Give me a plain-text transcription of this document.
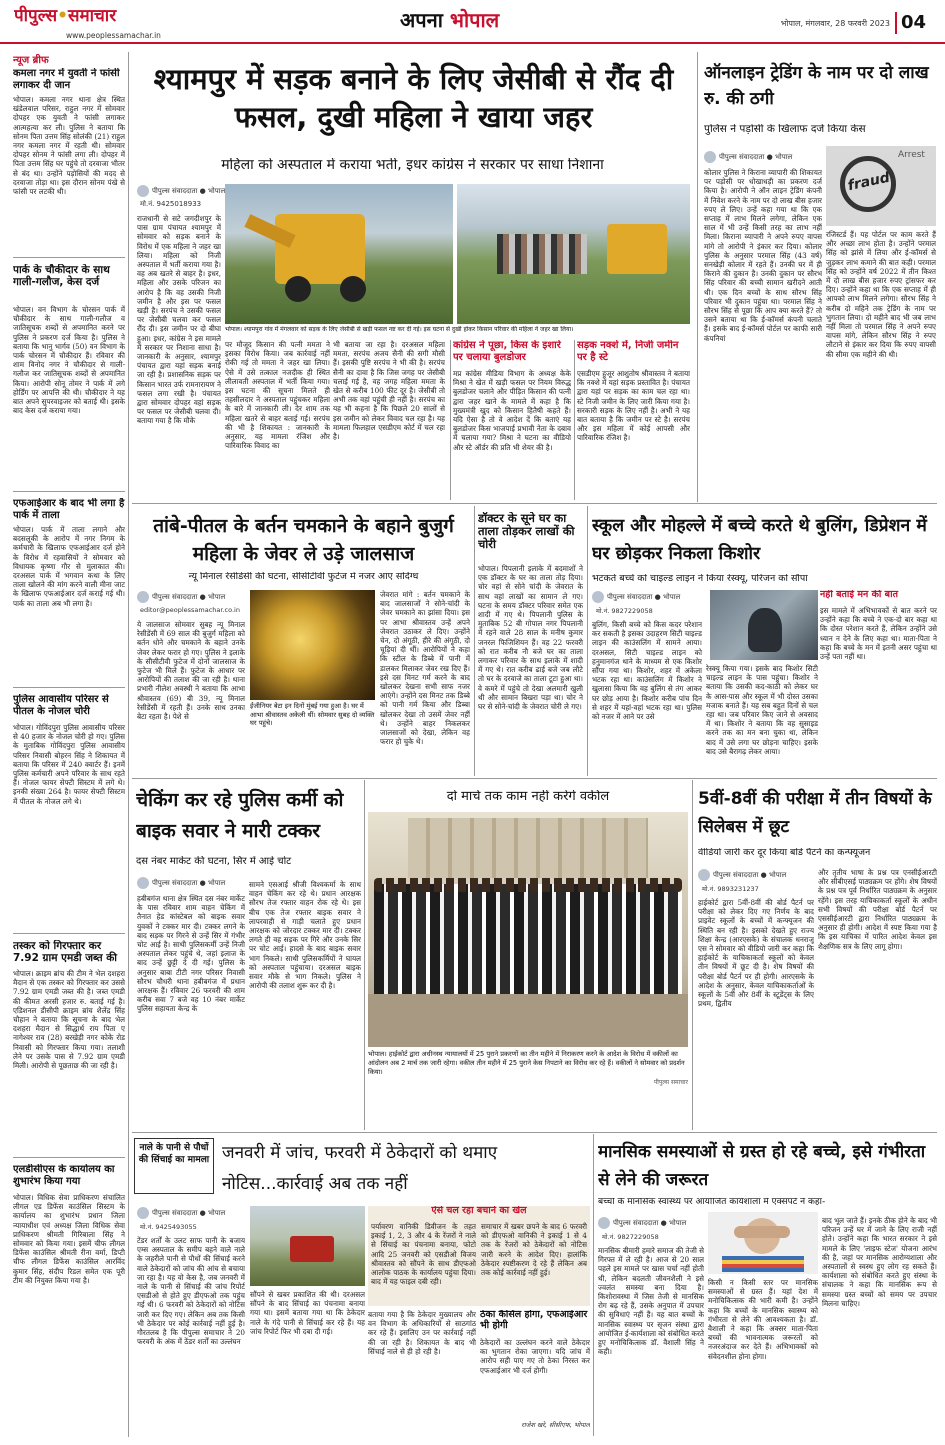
पीपुल्स•समाचार
www.peoplessamachar.in
अपना भोपाल	भोपाल, मंगलवार, 28 फरवरी 2023 04
न्यूज ब्रीफ
कमला नगर में युवती ने फांसी लगाकर दी जान
भोपाल। कमला नगर थाना क्षेत्र स्थित खंडेलवाल परिसर, राहुल नगर में सोमवार दोपहर एक युवती ने फांसी लगाकर आत्महत्या कर ली। पुलिस ने बताया कि सोनम पिता उत्तम सिंह सोलंकी (21) राहुल नगर कमला नगर में रहती थी। सोमवार दोपहर सोनम ने फांसी लगा ली। दोपहर में पिता उत्तम सिंह घर पहुंचे तो दरवाजा भीतर से बंद था। उन्होंने पड़ोसियों की मदद से दरवाजा तोड़ा था। इस दौरान सोनम पंखे से फांसी पर लटकी थी।
पार्क के चौकीदार के साथ गाली-गलौज, केस दर्ज
भोपाल। वन विभाग के चोरसन पार्क में चौकीदार के साथ गाली-गलौज व जातिसूचक शब्दों से अपमानित करने पर पुलिस ने प्रकरण दर्ज किया है। पुलिस ने बताया कि भानु भार्गव (50) वन विभाग के पार्क चोरसन में चौकीदार हैं। रविवार की शाम विनोद नगर ने चौकीदार से गाली-गलौज कर जातिसूचक शब्दों से अपमानित किया। आरोपी सोनू तोमर ने पार्क में लगे होर्डिंग पर आपत्ति की थी। चौकीदार ने यह बात अपने सुपरवाइजर को बताई थी। इसके बाद केस दर्ज कराया गया।
एफआईआर के बाद भी लगा है पार्क में ताला
भोपाल। पार्क में ताला लगाने और बदसलूकी के आरोप में नगर निगम के कर्मचारी के खिलाफ एफआईआर दर्ज होने के विरोध में रहवासियों ने सोमवार को विधायक कृष्णा गौर से मुलाकात की। दरअसल पार्क में भगवान कथा के लिए ताला खोलने की मांग करने वाली मीना जाट के खिलाफ एफआईआर दर्ज कराई गई थी। पार्क का ताला अब भी लगा है।
पुलिस आवासीय परिसर से पीतल के नोजल चोरी
भोपाल। गोविंदपुरा पुलिस आवासीय परिसर से 40 हजार के नोजल चोरी हो गए। पुलिस के मुताबिक गोविंदपुरा पुलिस आवासीय परिसर निवासी बोहरन सिंह ने शिकायत में बताया कि परिसर में 240 क्वार्टर हैं। इनमें पुलिस कर्मचारी अपने परिवार के साथ रहते हैं। नोजल फायर सेफ्टी सिस्टम में लगे थे। इनकी संख्या 264 है। फायर सेफ्टी सिस्टम में पीतल के नोजल लगे थे।
तस्कर को गिरफ्तार कर 7.92 ग्राम एमडी जब्त की
भोपाल। क्राइम ब्रांच की टीम ने भेल दशहरा मैदान से एक तस्कर को गिरफ्तार कर उससे 7.92 ग्राम एमडी जब्त की है। जब्त एमडी की कीमत अरसी हजार रु. बताई गई है। एडिशनल डीसीपी क्राइम ब्रांच शैलेंद्र सिंह चौहान ने बताया कि सूचना के बाद भेल दशहरा मैदान से सिद्धार्थ राय पिता ए नागेश्वर राव (28) बरखेड़ी नगर कोके रोड निवासी को गिरफ्तार किया गया। तलाशी लेने पर उसके पास से 7.92 ग्राम एमडी मिली। आरोपी से पूछताछ की जा रही है।
एलडीसीएस के कार्यालय का शुभारंभ किया गया
भोपाल। विधिक सेवा प्राधिकरण संचालित लीगल एड डिफेंस काउंसिल सिस्टम के कार्यालय का शुभारंभ प्रधान जिला न्यायाधीश एवं अध्यक्ष जिला विधिक सेवा प्राधिकरण श्रीमती गिरिबाला सिंह ने सोमवार को किया गया। इसमें चीफ लीगल डिफेंस काउंसिल श्रीमती रीना वर्मा, डिप्टी चीफ लीगल डिफेंस काउंसिल आरविंद कुमार सिंह, संदीप रिडल समेत एक पूरी टीम की नियुक्त किया गया है।
श्यामपुर में सड़क बनाने के लिए जेसीबी से रौंद दी फसल, दुखी महिला ने खाया जहर
महिला को अस्पताल में कराया भर्ती, इधर कांग्रेस ने सरकार पर साधा निशाना
पीपुल्स संवाददाता ● भोपाल
मो.नं. 9425018933
भोपाल। श्यामपुरा गांव में मंगलवार को सड़क के लिए जेसीबी से खड़ी फसल नष्ट कर दी गई। इस घटना से दुखी होकर किसान परिवार की महिला ने जहर खा लिया।
राजधानी से सटे जगदीशपुर के पास ग्राम पंचायत श्यामपुर में सोमवार को सड़क बनाने के विरोध में एक महिला ने जहर खा लिया। महिला को निजी अस्पताल में भर्ती कराया गया है। वह अब खतरे से बाहर है। इधर, महिला और उसके परिजन का आरोप है कि वह उसकी निजी जमीन है और इस पर फसल खड़ी है। सरपंच ने उसकी फसल पर जेसीबी चलवा कर फसल रौंद दी। इस जमीन पर दो बीघा हुआ। इधर, कांग्रेस ने इस मामले में सरकार पर निशाना साधा है। जानकारी के अनुसार, श्यामपुर पंचायत द्वारा यहां सड़क बनाई जा रही है। प्रशासनिक सड़क पर किसान भारत उर्फ रामनारायण ने फसल लगा रखी है। पंचायत द्वारा सोमवार दोपहर वहां सड़क पर फसल पर जेसीबी चलवा दी। बताया गया है कि मौके
पर मौजूद किसान की पत्नी ममता ने इसका विरोध किया। जब कार्रवाई नहीं रोकी गई तो ममता ने जहर खा लिया। ऐसे में उसे तत्काल नजदीक ही स्थित लीलावती अस्पताल में भर्ती किया गया। इस घटना की सूचना मिलते ही तहसीलदार ने अस्पताल पहुंचकर महिला के बारे में जानकारी ली। देर शाम तक महिला खतरे से बाहर बताई गई। सरपंच की भी है शिकायत : जानकारी के अनुसार, यह मामला रंजिश और पारिवारिक विवाद का
भी बताया जा रहा है। दरअसल महिला ममता, सरपंच अजय सैनी की सगी मौसी हैं। इसकी पुष्टि सरपंच ने भी की है। सरपंच सैनी का दावा है कि जिस जगह पर जेसीबी चलाई गई है, वह जगह महिला ममता के खेत से करीब 100 फीट दूर है। जेसीबी तो अभी तक वहां पहुंची ही नहीं है। सरपंच का यह भी कहना है कि पिछले 20 सालों से इस जमीन को लेकर विवाद चल रहा है। यह मामला फिलहाल एसडीएम कोर्ट में चल रहा है।
कांग्रेस ने पूछा, किस के इशारे पर चलाया बुलडोजर
मप्र कांग्रेस मीडिया विभाग के अध्यक्ष केके मिश्रा ने खेत में खड़ी फसल पर नियम विरुद्ध बुलडोजर चलाने और पीड़ित किसान की पत्नी द्वारा जहर खाने के मामले में कहा है कि मुख्यमंत्री खुद को किसान हितैषी कहते हैं। यदि ऐसा है तो वे आदेश दें कि बताएं यह बुलडोजर किस भाजपाई प्रभावी नेता के दबाव में चलाया गया? मिश्रा ने घटना का वीडियो और स्टे ऑर्डर की प्रति भी शेयर की है।
सड़क नक्शे में, निजी जमीन पर है स्टे
एसडीएम हुजूर आशुतोष श्रीवास्तव ने बताया कि नक्शे में यहां सड़क प्रस्तावित है। पंचायत द्वारा यहां पर सड़क का काम चल रहा था। स्टे निजी जमीन के लिए जारी किया गया है। सरकारी सड़क के लिए नहीं है। अभी ने यह बात बताया है कि जमीन पर स्टे है। सरपंच और इस महिला में कोई आपसी और पारिवारिक रंजिश है।
ऑनलाइन ट्रेडिंग के नाम पर दो लाख रु. की ठगी
पुलिस ने पड़ोसी के खिलाफ दर्ज किया केस
पीपुल्स संवाददाता ● भोपाल
fraud
Arrest
कोलार पुलिस ने किराना व्यापारी की शिकायत पर पड़ोसी पर धोखाधड़ी का प्रकरण दर्ज किया है। आरोपी ने ऑन लाइन ट्रेडिंग कंपनी में निवेश करने के नाम पर दो लाख बीस हजार रुपए ले लिए। उन्हें कहा गया था कि एक सप्ताह में लाभ मिलने लगेगा, लेकिन एक साल में भी उन्हें किसी तरह का लाभ नहीं मिला। किराना व्यापारी ने अपने रुपए वापस मांगे तो आरोपी ने इंकार कर दिया। कोलार पुलिस के अनुसार परमाल सिंह (43 वर्ष) सनखेड़ी कोलार में रहते हैं। उनकी घर में ही किराने की दुकान है। उनकी दुकान पर सौरभ सिंह परिवार की बच्ची सामान खरीदने आती थी। एक दिन बच्चों के साथ सौरभ सिंह परिवार भी दुकान पहुंचा था। परमाल सिंह ने सौरभ सिंह से पूछा कि आप क्या करते हैं? तो उसने बताया था कि ई-कॉमर्स कंपनी चलाते हैं। इसके बाद ई-कॉमर्स पोर्टल पर काफी सारी कंपनियां
रजिस्टर्ड हैं। यह पोर्टल पर काम करते हैं और अच्छा लाभ होता है। उन्होंने परमाल सिंह को झांसे में लिया और ई-कॉमर्स से जुड़कर लाभ कमाने की बात कही। परमाल सिंह को उन्होंने वर्ष 2022 में तीन किश्त में दो लाख बीस हजार रुपए ट्रांसफर कर दिए। उन्होंने कहा था कि एक सप्ताह में ही आपको लाभ मिलने लगेगा। सौरभ सिंह ने करीब दो महिने तक ट्रेडिंग के नाम पर भुगतान लिया। दो महीने बाद भी जब लाभ नहीं मिला तो परमाल सिंह ने अपने रुपए वापस मांगे, लेकिन सौरभ सिंह ने रुपए लौटाने से इंकार कर दिया कि रुपए वापसी की सीमा एक महीने की थी।
तांबे-पीतल के बर्तन चमकाने के बहाने बुजुर्ग महिला के जेवर ले उड़े जालसाज
न्यू मिनाल रेसीडेंसी की घटना, सीसीटीवी फुटेज में नजर आए संदिग्ध
पीपुल्स संवाददाता ● भोपाल
editor@peoplessamachar.co.in
ईंजीनियर बेटा इन दिनों मुंबई गया हुआ है। घर में आभा श्रीवास्तव अकेली थीं। सोमवार सुबह दो व्यक्ति घर पहुंचे।
ये जालसाज सोमवार सुबह न्यू मिनाल रेसीडेंसी में 69 साल की बुजुर्ग महिला को बर्तन धोने और चमकाने के बहाने उनके जेवर लेकर फरार हो गए। पुलिस ने इलाके के सीसीटीवी फुटेज में दोनों जालसाज के फुटेज भी मिले हैं। फुटेज के आधार पर आरोपियों की तलाश की जा रही है। थाना प्रभारी नीलेश अवस्थी ने बताया कि आभा श्रीवास्तव (69) बी 39, न्यू मिनाल रेसीडेंसी में रहती हैं। उनके साथ उनका बेटा रहता है। पेशे से
जेवरात मांगे : बर्तन चमकाने के बाद जालसाजों ने सोने-चांदी के जेवर चमकाने का झांसा दिया। इस पर आभा श्रीवास्तव उन्हें अपने जेवरात उठाकर ले दिए। उन्होंने चेन, दो अंगूठी, हीरे की अंगूठी, दो चूड़ियां दी थीं। आरोपियों ने कहा कि स्टील के डिब्बे में पानी में डालकर मिलाकर जेवर रख दिए हैं। इसे दस मिनट गर्म करने के बाद खोलकर देखना सभी साफ नजर आएंगे। उन्होंने दस मिनट तक डिब्बे को पानी गर्म किया और डिब्बा खोलकर देखा तो उसमें जेवर नहीं थे। उन्होंने बाहर निकलकर जालसाजों को देखा, लेकिन वह फरार हो चुके थे।
डॉक्टर के सूने घर का ताला तोड़कर लाखों की चोरी
भोपाल। पिपलानी इलाके में बदमाशों ने एक डॉक्टर के घर का ताला तोड़ दिया। चोर वहां से सोने चांदी के जेवरात के साथ वहां लाखों का सामान ले गए। घटना के समय डॉक्टर परिवार समेत एक शादी में गए थे। पिपलानी पुलिस के मुताबिक 52 बी गोपाल नगर पिपलानी में रहने वाले 28 साल के मनीष कुमार जनरल फिजिशियन हैं। वह 22 फरवरी को रात करीब नौ बजे घर का ताला लगाकर परिवार के साथ इलाके में शादी में गए थे। रात करीब ढाई बजे जब लौटे तो घर के दरवाजे का ताला टूटा हुआ था। वे कमरे में पहुंचे तो देखा अलमारी खुली थी और सामान बिखरा पड़ा था। चोर ने घर से सोने-चांदी के जेवरात चोरी ले गए।
स्कूल और मोहल्ले में बच्चे करते थे बुलिंग, डिप्रेशन में घर छोड़कर निकला किशोर
भटकते बच्चे को चाइल्ड लाइन ने किया रेस्क्यू, परिजन को सौंपा
पीपुल्स संवाददाता ● भोपाल
मो.नं. 9827229058
नहीं बताई मन की बात
इस मामले में अभिभावकों से बात करने पर उन्होंने कहा कि बच्चे ने एक-दो बार कहा था कि दोस्त परेशान करते हैं, लेकिन उन्होंने उसे ध्यान न देने के लिए कहा था। माता-पिता ने कहा कि बच्चे के मन में इतनी असर पहुंचा था उन्हें पता नहीं था।
बुलिंग, किसी बच्चे को किस कदर परेशान कर सकती है इसका उदाहरण सिटी चाइल्ड लाइन की काउंसलिंग में सामने आया। दरअसल, सिटी चाइल्ड लाइन को हनुमानगंज थाने के माध्यम से एक किशोर सौंपा गया था। किशोर, शहर में अकेला भटक रहा था। काउंसलिंग में किशोर ने खुलासा किया कि वह बुलिंग से तंग आकर घर छोड़ आया है। किशोर करीब पांच दिन से शहर में यहां-वहां भटक रहा था। पुलिस को नजर में आने पर उसे
रेस्क्यू किया गया। इसके बाद किशोर सिटी चाइल्ड लाइन के पास पहुंचा। किशोर ने बताया कि उसकी कद-काठी को लेकर घर के आस-पास और स्कूल में भी दोस्त उसका मजाक बनाते हैं। यह सब बहुत दिनों से चल रहा था। जब परिवार किए जाने से अवसाद में था। किशोर ने बताया कि वह सुसाइड करने तक का मन बना चुका था, लेकिन बाद में उसे लगा घर छोड़ना चाहिए। इसके बाद उसे बैरागढ़ लेकर आया।
चेकिंग कर रहे पुलिस कर्मी को बाइक सवार ने मारी टक्कर
दस नंबर मार्केट की घटना, सिर में आई चोट
पीपुल्स संवाददाता ● भोपाल
हबीबगंज थाना क्षेत्र स्थित दस नंबर मार्केट के पास रविवार शाम वाहन चेकिंग में तैनात हेड कांस्टेबल को बाइक सवार युवकों ने टक्कर मार दी। टक्कर लगने के बाद सड़क पर गिरने से उन्हें सिर में गंभीर चोट आई है। साथी पुलिसकर्मी उन्हें निजी अस्पताल लेकर पहुंचे थे, जहां इलाज के बाद उन्हें छुट्टी दे दी गई। पुलिस के अनुसार बाबा टीटी नगर परिसर निवासी सौरभ चौधरी थाना हबीबगंज में प्रधान आरक्षक हैं। रविवार 26 फरवरी की शाम करीब सवा 7 बजे वह 10 नंबर मार्केट पुलिस सहायता केन्द्र के
सामने एसआई श्रीजी विश्वकर्मा के साथ वाहन चेकिंग कर रहे थे। प्रधान आरक्षक सौरभ तेज रफ्तार वाहन रोक रहे थे। इस बीच एक तेज रफ्तार बाइक सवार ने लापरवाही से गाड़ी चलाते हुए प्रधान आरक्षक को जोरदार टक्कर मार दी। टक्कर लगते ही वह सड़क पर गिरे और उनके सिर पर चोट आई। हादसे के बाद बाइक सवार भाग निकले। साथी पुलिसकर्मियों ने घायल को अस्पताल पहुंचाया। दरअसल बाइक सवार मौके से भाग निकले। पुलिस ने आरोपी की तलाश शुरू कर दी है।
दो मार्च तक काम नहीं करेंगे वकील
भोपाल। हाईकोर्ट द्वारा अधीनस्थ न्यायालयों में 25 पुराने प्रकरणों का तीन महीने में निराकरण करने के आदेश के विरोध में वकीलों का आंदोलन अब 2 मार्च तक जारी रहेगा। वकील तीन महीने में 25 पुराने केस निपटाने का विरोध कर रहे हैं। वकीलों ने सोमवार को प्रदर्शन किया।
पीपुल्स समाचार
5वीं-8वीं की परीक्षा में तीन विषयों के सिलेबस में छूट
वीडियो जारी कर दूर किया बोर्ड पैटर्न का कन्फ्यूजन
पीपुल्स संवाददाता ● भोपाल
मो.नं. 9893231237
हाईकोर्ट द्वारा 5वीं-8वीं की बोर्ड पैटर्न पर परीक्षा को लेकर दिए गए निर्णय के बाद प्राइवेट स्कूलों के बच्चों में कन्फ्यूजन की स्थिति बन रही है। इसको देखते हुए राज्य शिक्षा केन्द्र (आरएसके) के संचालक धनराजू एस ने सोमवार को वीडियो जारी कर कहा कि हाईकोर्ट के याचिकाकर्ता स्कूलों को केवल तीन विषयों में छूट दी है। शेष विषयों की परीक्षा बोर्ड पैटर्न पर ही होगी। आरएसके के आदेश के अनुसार, केवल याचिकाकर्ताओं के स्कूलों के 5वीं और 8वीं के स्टूडेंट्स के लिए प्रथम, द्वितीय
और तृतीय भाषा के प्रश्न पत्र एनसीईआरटी और सीबीएसई पाठ्यक्रम पर होंगे। शेष विषयों के प्रश्न पत्र पूर्व निर्धारित पाठ्यक्रम के अनुसार रहेंगे। इस तरह याचिकाकर्ता स्कूलों के अधीन सभी विषयों की परीक्षा बोर्ड पैटर्न पर एससीईआरटी द्वारा निर्धारित पाठ्यक्रम के अनुसार ही होगी। आदेश में स्पष्ट किया गया है कि इस याचिका में पारित आदेश केवल इस शैक्षणिक सत्र के लिए लागू होगा।
नाले के पानी से पौधों की सिंचाई का मामला जनवरी में जांच, फरवरी में ठेकेदारों को थमाए नोटिस...कार्रवाई अब तक नहीं
पीपुल्स संवाददाता ● भोपाल
मो.नं. 9425493055
टेंडर शर्तों के उलट साफ पानी के बजाय एम्स अस्पताल के समीप बहने वाले नाले के जहरीले पानी से पौधों की सिंचाई करने वाले ठेकेदारों को जांच की आंच से बचाया जा रहा है। यह वो केस है, जब जनवरी में नाले के पानी से सिंचाई की जांच रिपोर्ट एसडीओ से होते हुए डीएफओ तक पहुंच गई थी। 6 फरवरी को ठेकेदारों को नोटिस जारी कर दिए गए। लेकिन अब तक किसी भी ठेकेदार पर कोई कार्रवाई नहीं हुई है। गौरतलब है कि पीपुल्स समाचार ने 20 फरवरी के अंक में ठेंडर शर्तों का उल्लंघन
सौंपने से खबर प्रकाशित की थी। दरअसल सौंपने के बाद सिंचाई का पंचनामा बनाया गया था। इसमें बताया गया था कि ठेकेदार नाले के गंदे पानी से सिंचाई कर रहे हैं। यह जांच रिपोर्ट फिर भी दबा दी गई।
ऐसे चल रहा बचाने का खेल
पर्यावरण वानिकी डिवीजन के तहत इकाई 1, 2, 3 और 4 के रेंजरों ने नाले से सिंचाई का पंचनामा बनाया, फोटो आदि 25 जनवरी को एसडीओ विजय श्रीवास्तव को सौंपने के साथ डीएफओ आलोक पाठक के कार्यालय पहुंचा दिया। बाद में यह फाइल दबी रही।
समाचार में खबर छपने के बाद 6 फरवरी को डीएफओ वानिकी ने इकाई 1 से 4 तक के रेंजरों को ठेकेदारों को नोटिस जारी करने के आदेश दिए। हालांकि ठेकेदार स्पष्टीकरण दे रहे हैं लेकिन अब तक कोई कार्रवाई नहीं हुई।
बताया गया है कि ठेकेदार मुख्यालय और वन विभाग के अधिकारियों से साठगांठ कर रहे हैं। इसलिए उन पर कार्रवाई नहीं की जा रही है। शिकायत के बाद भी सिंचाई नाले से ही हो रही है।
ठेका कैंसिल होगा, एफआईआर भी होगी
ठेकेदारों का उल्लंघन करने वाले ठेकेदार का भुगतान रोका जाएगा। यदि जांच में आरोप सही पाए गए तो ठेका निरस्त कर एफआईआर भी दर्ज होगी।
राजेश खरे, सीसीएफ, भोपाल
मानसिक समस्याओं से ग्रस्त हो रहे बच्चे, इसे गंभीरता से लेने की जरूरत
बच्चों के मानसिक स्वास्थ्य पर आयोजित कार्यशाला में एक्सपर्ट ने कहा-
पीपुल्स संवाददाता ● भोपाल
मो.नं. 9827229058
मानसिक बीमारी हमारे समाज की तेजी से गिरफ्त में ले रही है। आज से 20 साल पहले इस मामले पर खास चर्चा नहीं होती थी, लेकिन बदलती जीवनशैली ने इसे ज्वलंत समस्या बना दिया है। किशोरावस्था में जिस तेजी से मानसिक रोग बढ़ रहे हैं, उसके अनुपात में उपचार की सुविधाएं नहीं हैं। यह बात बच्चों के मानसिक स्वास्थ्य पर सृजन संस्था द्वारा आयोजित ई-कार्यशाला को संबोधित करते हुए मनोचिकित्सक डॉ. वैशाली सिंह ने कही।
किसी न किसी स्तर पर मानसिक समस्याओं से ग्रस्त हैं। यहां देश में मनोचिकित्सक की भारी कमी है। उन्होंने कहा कि बच्चों के मानसिक स्वास्थ्य को गंभीरता से लेने की आवश्यकता है। डॉ. वैशाली ने कहा कि अक्सर माता-पिता बच्चों की भावनात्मक जरूरतों को नजरअंदाज कर देते हैं। अभिभावकों को संवेदनशील होना होगा।
बाद भूल जाते हैं। इनके ठीक होने के बाद भी परिजन उन्हें घर में जाने के लिए राजी नहीं होते। उन्होंने कहा कि भारत सरकार ने इसे मामले के लिए 'लाइफ स्टेज' योजना आरंभ की है, जहां पर मानसिक आरोग्यशाला और अस्पतालों से स्वस्थ हुए लोग रह सकते हैं। कार्यशाला को संबोधित करते हुए संस्था के संचालक ने कहा कि मानसिक रूप से समस्या ग्रस्त बच्चों को समय पर उपचार मिलना चाहिए।
